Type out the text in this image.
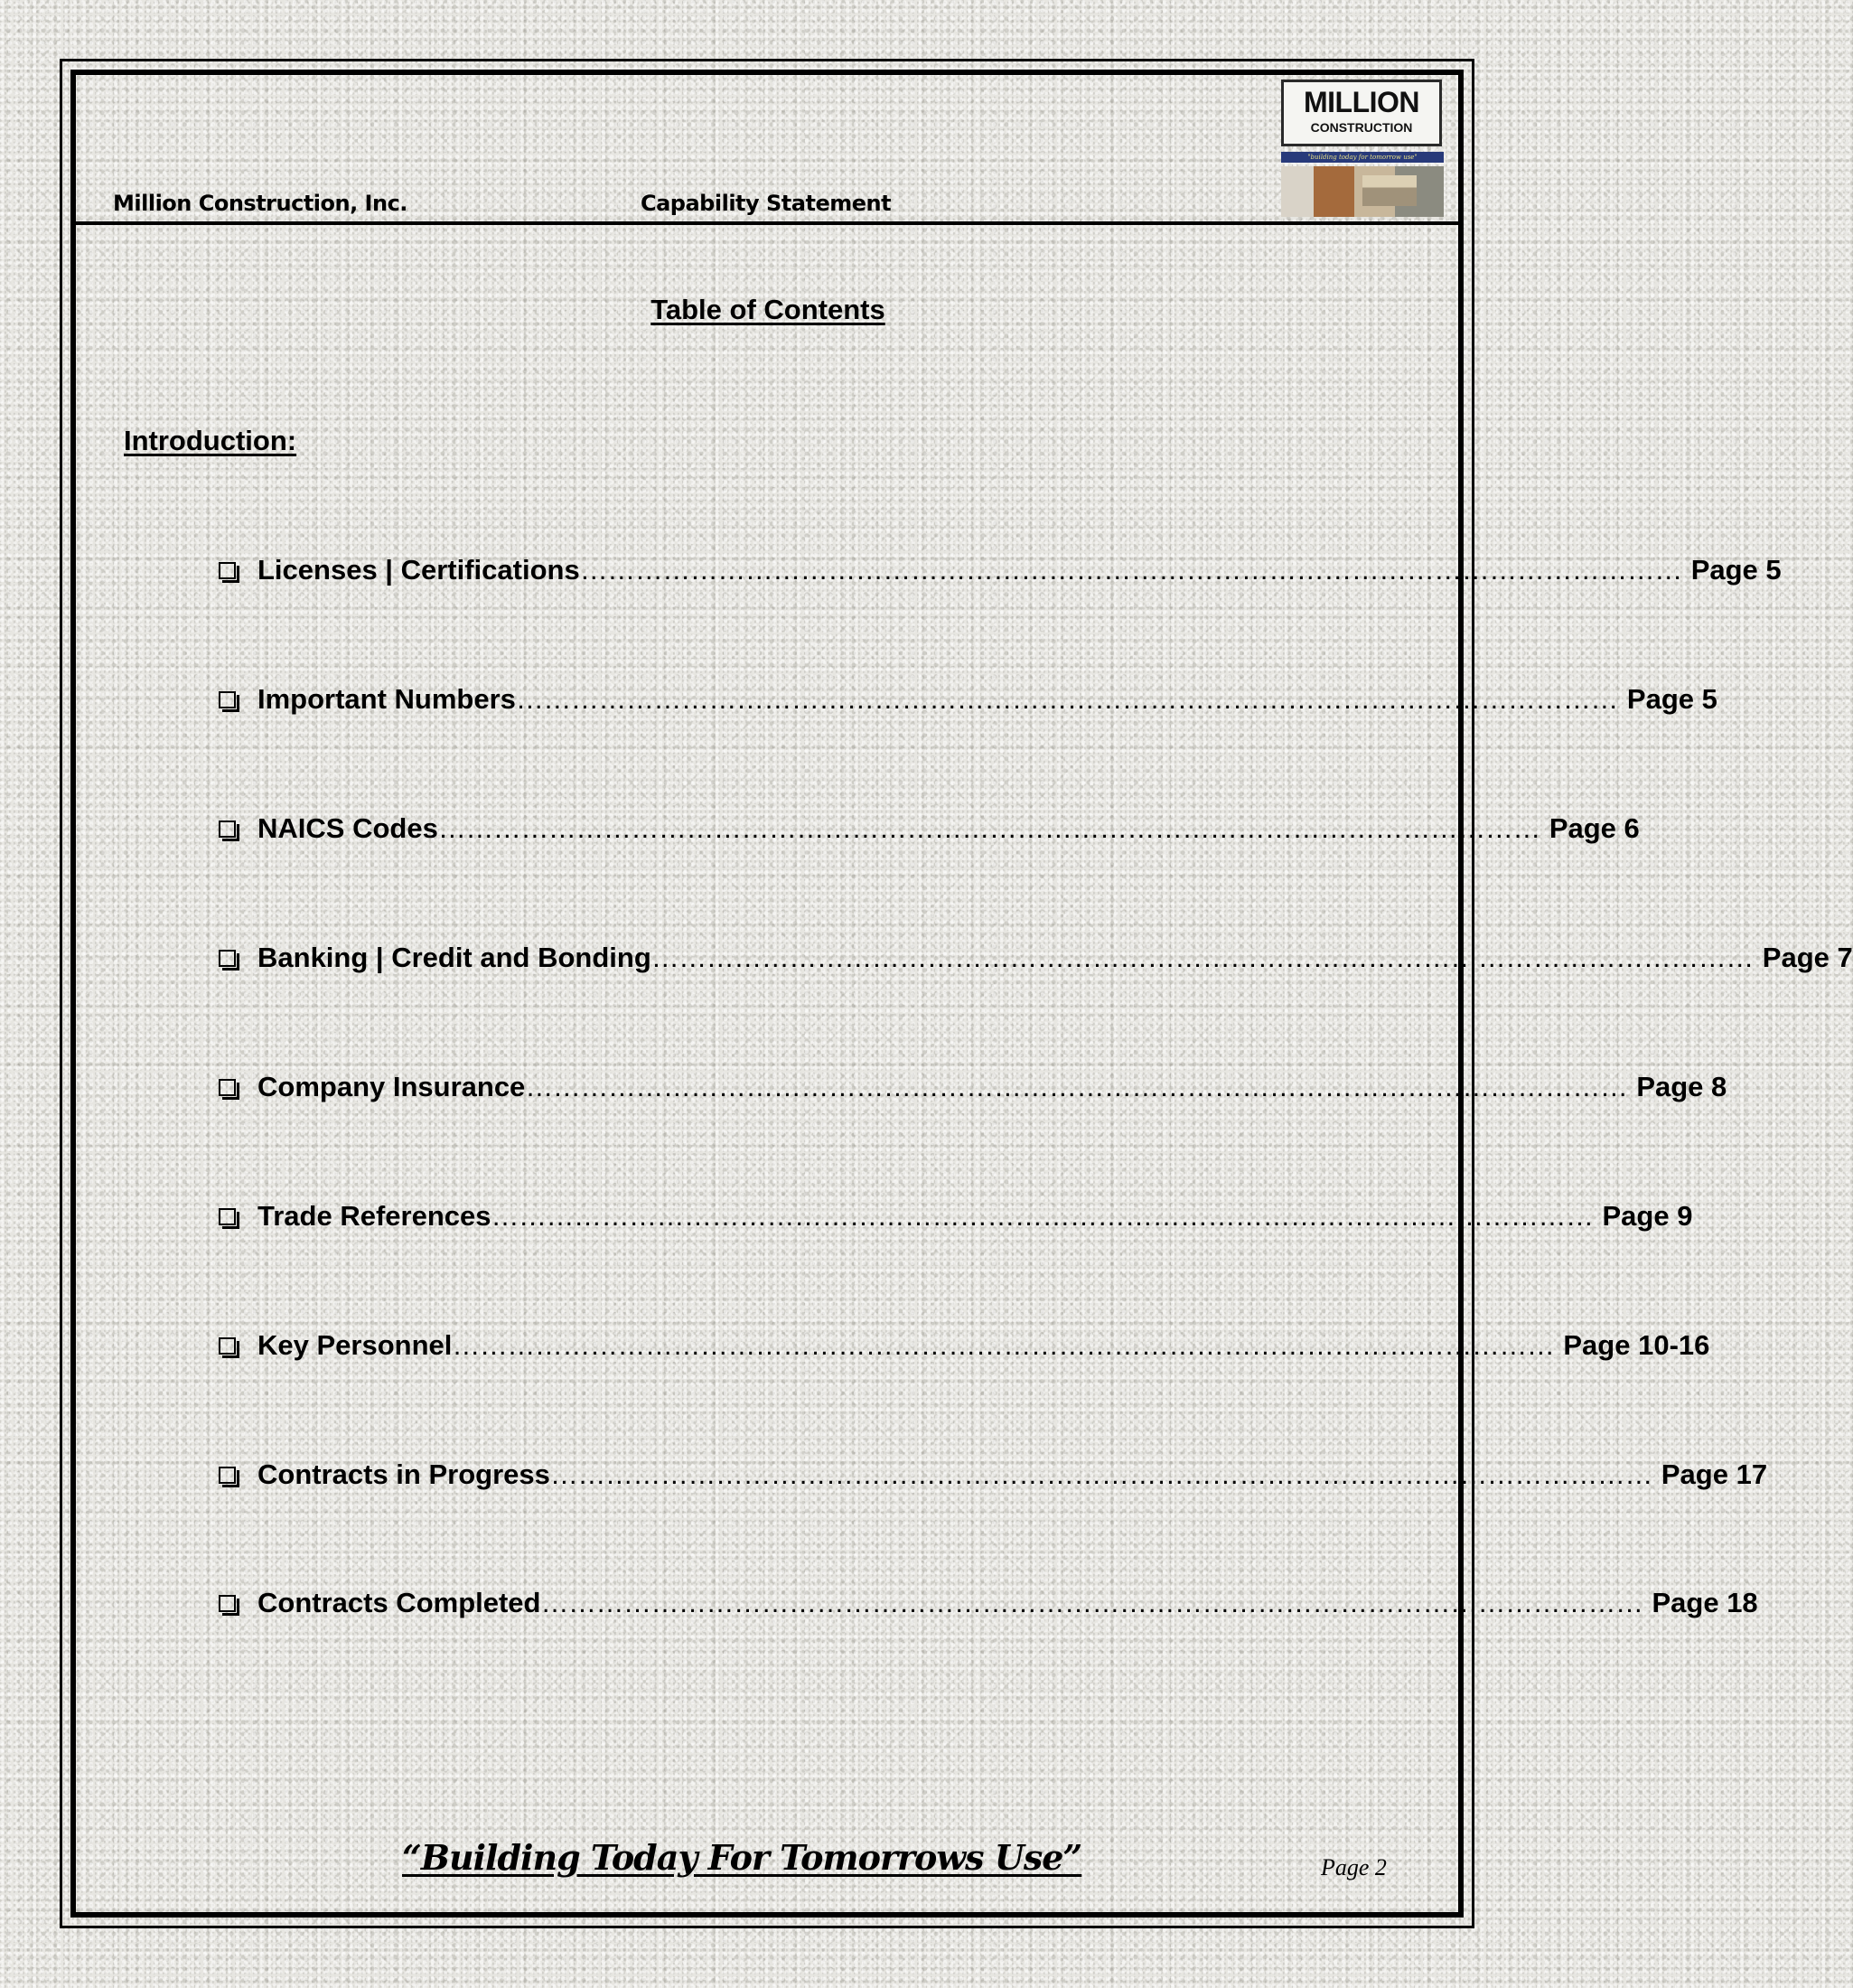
Million Construction, Inc.	Capability Statement
MILLION
CONSTRUCTION
"building today for tomorrow use"
Table of Contents
Introduction:
Licenses | Certifications ………………………………………………………………………………………………………… Page 5
Important Numbers ………………………………………………………………………………………………………… Page 5
NAICS Codes ………………………………………………………………………………………………………… Page 6
Banking | Credit and Bonding ………………………………………………………………………………………………………… Page 7
Company Insurance ………………………………………………………………………………………………………… Page 8
Trade References ………………………………………………………………………………………………………… Page 9
Key Personnel ………………………………………………………………………………………………………… Page 10-16
Contracts in Progress ………………………………………………………………………………………………………… Page 17
Contracts Completed ………………………………………………………………………………………………………… Page 18
“Building Today For Tomorrows Use”	Page 2
